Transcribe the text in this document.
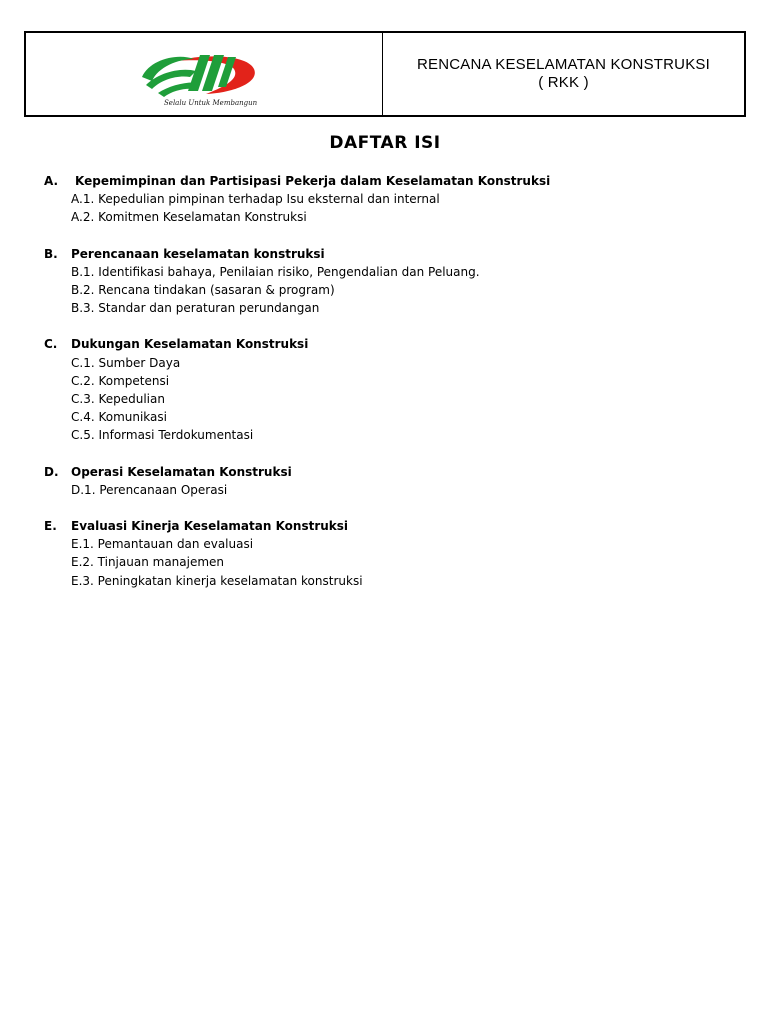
Selalu Untuk Membangun
RENCANA KESELAMATAN KONSTRUKSI
( RKK )
DAFTAR ISI
A.	Kepemimpinan dan Partisipasi Pekerja dalam Keselamatan Konstruksi
A.1. Kepedulian pimpinan terhadap Isu eksternal dan internal
A.2. Komitmen Keselamatan Konstruksi
B.	Perencanaan keselamatan konstruksi
B.1. Identifikasi bahaya, Penilaian risiko, Pengendalian dan Peluang.
B.2. Rencana tindakan (sasaran & program)
B.3. Standar dan peraturan perundangan
C.	Dukungan Keselamatan Konstruksi
C.1. Sumber Daya
C.2. Kompetensi
C.3. Kepedulian
C.4. Komunikasi
C.5. Informasi Terdokumentasi
D.	Operasi Keselamatan Konstruksi
D.1. Perencanaan Operasi
E.	Evaluasi Kinerja Keselamatan Konstruksi
E.1. Pemantauan dan evaluasi
E.2. Tinjauan manajemen
E.3. Peningkatan kinerja keselamatan konstruksi
